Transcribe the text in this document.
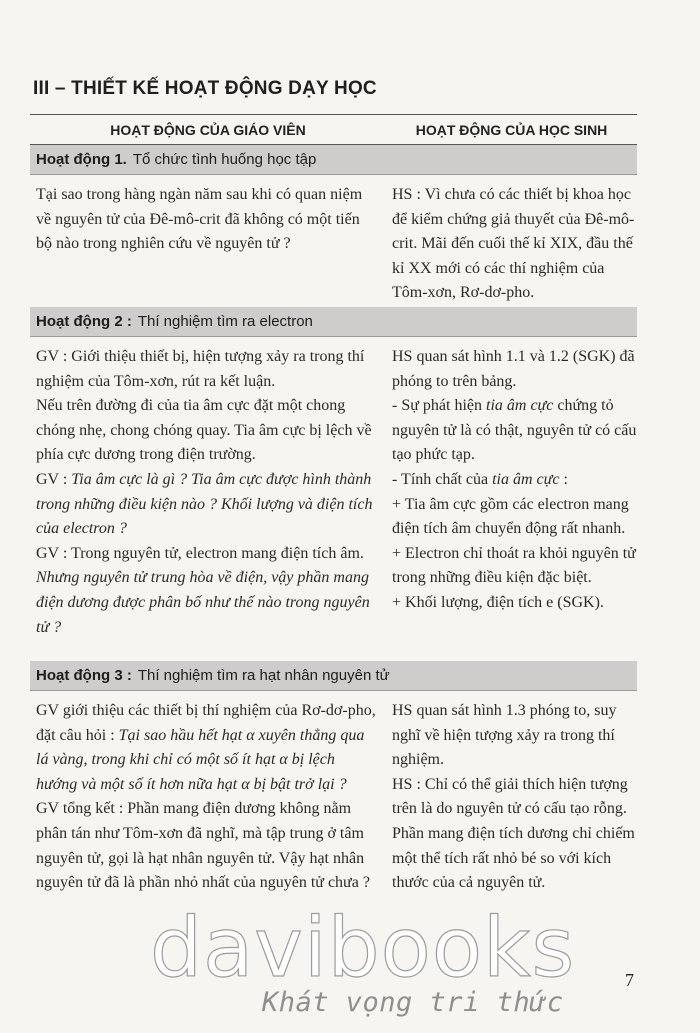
III – THIẾT KẾ HOẠT ĐỘNG DẠY HỌC
HOẠT ĐỘNG CỦA GIÁO VIÊN	HOẠT ĐỘNG CỦA HỌC SINH
Hoạt động 1. Tổ chức tình huống học tập

Tại sao trong hàng ngàn năm sau khi có quan niệm về nguyên tử của Đê-mô-crit đã không có một tiến bộ nào trong nghiên cứu về nguyên tử ?

HS : Vì chưa có các thiết bị khoa học để kiểm chứng giả thuyết của Đê-mô-crit. Mãi đến cuối thế kỉ XIX, đầu thế kỉ XX mới có các thí nghiệm của Tôm-xơn, Rơ-dơ-pho.

Hoạt động 2 : Thí nghiệm tìm ra electron

GV : Giới thiệu thiết bị, hiện tượng xảy ra trong thí nghiệm của Tôm-xơn, rút ra kết luận.

Nếu trên đường đi của tia âm cực đặt một chong chóng nhẹ, chong chóng quay. Tia âm cực bị lệch về phía cực dương trong điện trường.

GV : Tia âm cực là gì ? Tia âm cực được hình thành trong những điều kiện nào ? Khối lượng và điện tích của electron ?

GV : Trong nguyên tử, electron mang điện tích âm. Nhưng nguyên tử trung hòa về điện, vậy phần mang điện dương được phân bố như thế nào trong nguyên tử ?

HS quan sát hình 1.1 và 1.2 (SGK) đã phóng to trên bảng.

- Sự phát hiện tia âm cực chứng tỏ nguyên tử là có thật, nguyên tử có cấu tạo phức tạp.

- Tính chất của tia âm cực :

+ Tia âm cực gồm các electron mang điện tích âm chuyển động rất nhanh.

+ Electron chỉ thoát ra khỏi nguyên tử trong những điều kiện đặc biệt.

+ Khối lượng, điện tích e (SGK).

Hoạt động 3 : Thí nghiệm tìm ra hạt nhân nguyên tử

GV giới thiệu các thiết bị thí nghiệm của Rơ-dơ-pho, đặt câu hỏi : Tại sao hầu hết hạt α xuyên thẳng qua lá vàng, trong khi chỉ có một số ít hạt α bị lệch hướng và một số ít hơn nữa hạt α bị bật trở lại ?

GV tổng kết : Phần mang điện dương không nằm phân tán như Tôm-xơn đã nghĩ, mà tập trung ở tâm nguyên tử, gọi là hạt nhân nguyên tử. Vậy hạt nhân nguyên tử đã là phần nhỏ nhất của nguyên tử chưa ?

HS quan sát hình 1.3 phóng to, suy nghĩ về hiện tượng xảy ra trong thí nghiệm.

HS : Chỉ có thể giải thích hiện tượng trên là do nguyên tử có cấu tạo rỗng. Phần mang điện tích dương chỉ chiếm một thể tích rất nhỏ bé so với kích thước của cả nguyên tử.

davibooks
Khát vọng tri thức
7
